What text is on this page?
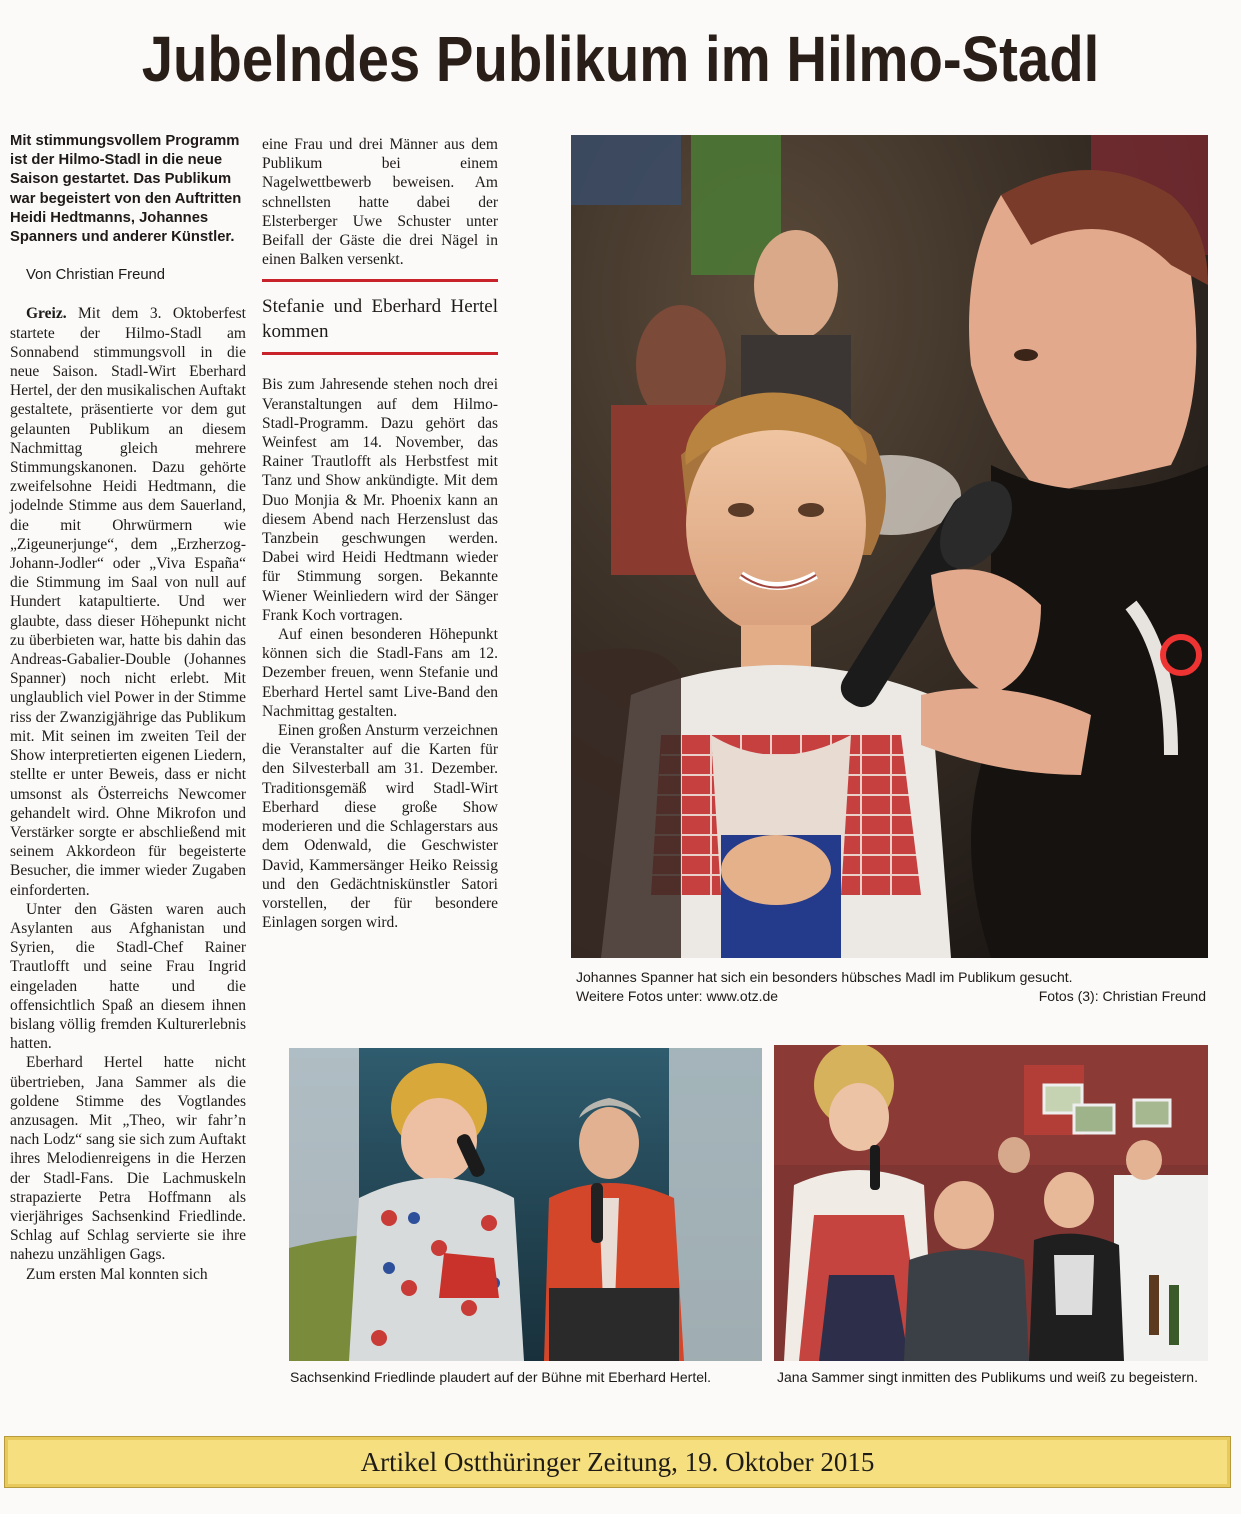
Jubelndes Publikum im Hilmo-Stadl

Mit stimmungsvollem Programm ist der Hilmo-Stadl in die neue Saison gestartet. Das Publikum war begeistert von den Auftritten Heidi Hedtmanns, Johannes Spanners und anderer Künstler.

Von Christian Freund

Greiz. Mit dem 3. Oktoberfest startete der Hilmo-Stadl am Sonnabend stimmungsvoll in die neue Saison. Stadl-Wirt Eberhard Hertel, der den musikalischen Auftakt gestaltete, präsentierte vor dem gut gelaunten Publikum an diesem Nachmittag gleich mehrere Stimmungskanonen. Dazu gehörte zweifelsohne Heidi Hedtmann, die jodelnde Stimme aus dem Sauerland, die mit Ohrwürmern wie „Zigeunerjunge“, dem „Erzherzog-Johann-Jodler“ oder „Viva España“ die Stimmung im Saal von null auf Hundert katapultierte. Und wer glaubte, dass dieser Höhepunkt nicht zu überbieten war, hatte bis dahin das Andreas-Gabalier-Double (Johannes Spanner) noch nicht erlebt. Mit unglaublich viel Power in der Stimme riss der Zwanzigjährige das Publikum mit. Mit seinen im zweiten Teil der Show interpretierten eigenen Liedern, stellte er unter Beweis, dass er nicht umsonst als Österreichs Newcomer gehandelt wird. Ohne Mikrofon und Verstärker sorgte er abschließend mit seinem Akkordeon für begeisterte Besucher, die immer wieder Zugaben einforderten.

Unter den Gästen waren auch Asylanten aus Afghanistan und Syrien, die Stadl-Chef Rainer Trautlofft und seine Frau Ingrid eingeladen hatte und die offensichtlich Spaß an diesem ihnen bislang völlig fremden Kulturerlebnis hatten.

Eberhard Hertel hatte nicht übertrieben, Jana Sammer als die goldene Stimme des Vogtlandes anzusagen. Mit „Theo, wir fahr’n nach Lodz“ sang sie sich zum Auftakt ihres Melodienreigens in die Herzen der Stadl-Fans. Die Lachmuskeln strapazierte Petra Hoffmann als vierjähriges Sachsenkind Friedlinde. Schlag auf Schlag servierte sie ihre nahezu unzähligen Gags.

Zum ersten Mal konnten sich

eine Frau und drei Männer aus dem Publikum bei einem Nagelwettbewerb beweisen. Am schnellsten hatte dabei der Elsterberger Uwe Schuster unter Beifall der Gäste die drei Nägel in einen Balken versenkt.

Stefanie und Eberhard Hertel kommen

Bis zum Jahresende stehen noch drei Veranstaltungen auf dem Hilmo-Stadl-Programm. Dazu gehört das Weinfest am 14. November, das Rainer Trautlofft als Herbstfest mit Tanz und Show ankündigte. Mit dem Duo Monjia & Mr. Phoenix kann an diesem Abend nach Herzenslust das Tanzbein geschwungen werden. Dabei wird Heidi Hedtmann wieder für Stimmung sorgen. Bekannte Wiener Weinliedern wird der Sänger Frank Koch vortragen.

Auf einen besonderen Höhepunkt können sich die Stadl-Fans am 12. Dezember freuen, wenn Stefanie und Eberhard Hertel samt Live-Band den Nachmittag gestalten.

Einen großen Ansturm verzeichnen die Veranstalter auf die Karten für den Silvesterball am 31. Dezember. Traditionsgemäß wird Stadl-Wirt Eberhard diese große Show moderieren und die Schlagerstars aus dem Odenwald, die Geschwister David, Kammersänger Heiko Reissig und den Gedächtniskünstler Satori vorstellen, der für besondere Einlagen sorgen wird.

Johannes Spanner hat sich ein besonders hübsches Madl im Publikum gesucht.
Weitere Fotos unter: www.otz.de	Fotos (3): Christian Freund
Sachsenkind Friedlinde plaudert auf der Bühne mit Eberhard Hertel.	Jana Sammer singt inmitten des Publikums und weiß zu begeistern.
Artikel Ostthüringer Zeitung, 19. Oktober 2015
